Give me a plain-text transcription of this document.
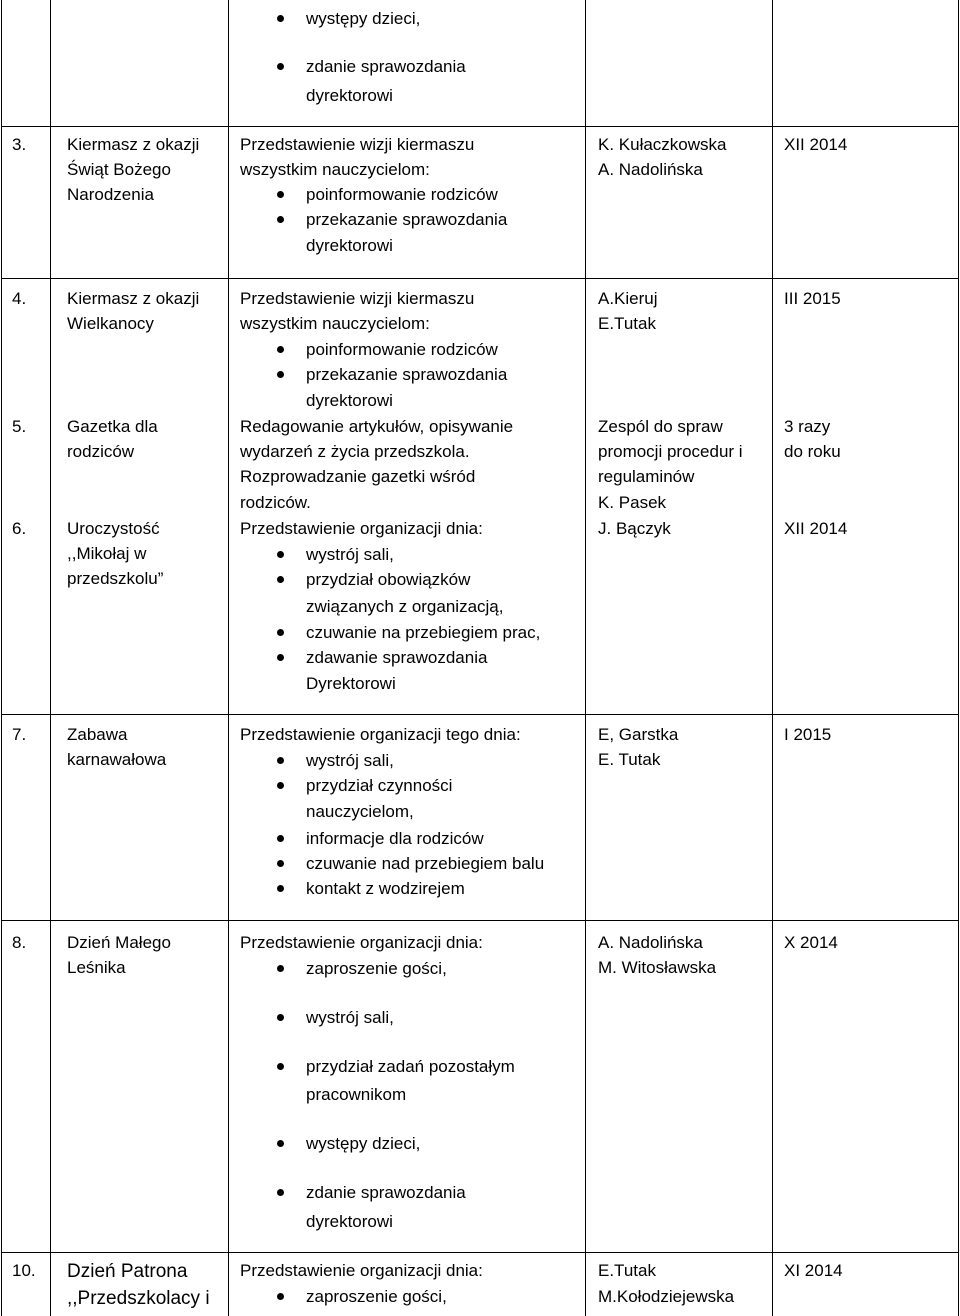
występy dzieci,
zdanie sprawozdania
dyrektorowi
3. Kiermasz z okazji
Świąt Bożego
Narodzenia
Przedstawienie wizji kiermaszu
wszystkim nauczycielom:
poinformowanie rodziców
przekazanie sprawozdania
dyrektorowi
K. Kułaczkowska
A. Nadolińska
XII 2014
4. Kiermasz z okazji
Wielkanocy
Przedstawienie wizji kiermaszu
wszystkim nauczycielom:
poinformowanie rodziców
przekazanie sprawozdania
dyrektorowi
A.Kieruj
E.Tutak
III 2015
5. Gazetka dla
rodziców
Redagowanie artykułów, opisywanie
wydarzeń z życia przedszkola.
Rozprowadzanie gazetki wśród
rodziców.
Zespól do spraw
promocji procedur i
regulaminów
K. Pasek
3 razy
do roku
6. Uroczystość
,,Mikołaj w
przedszkolu”
Przedstawienie organizacji dnia:
wystrój sali,
przydział obowiązków
związanych z organizacją,
czuwanie na przebiegiem prac,
zdawanie sprawozdania
Dyrektorowi
J. Bączyk	XII 2014
7. Zabawa
karnawałowa
Przedstawienie organizacji tego dnia:
wystrój sali,
przydział czynności
nauczycielom,
informacje dla rodziców
czuwanie nad przebiegiem balu
kontakt z wodzirejem
E, Garstka
E. Tutak
I 2015
8. Dzień Małego
Leśnika
Przedstawienie organizacji dnia:
zaproszenie gości,
wystrój sali,
przydział zadań pozostałym
pracownikom
występy dzieci,
zdanie sprawozdania
dyrektorowi
A. Nadolińska
M. Witosławska
X 2014
10. Dzień Patrona
,,Przedszkolacy i
Przedstawienie organizacji dnia:
zaproszenie gości,
E.Tutak
M.Kołodziejewska
XI 2014
